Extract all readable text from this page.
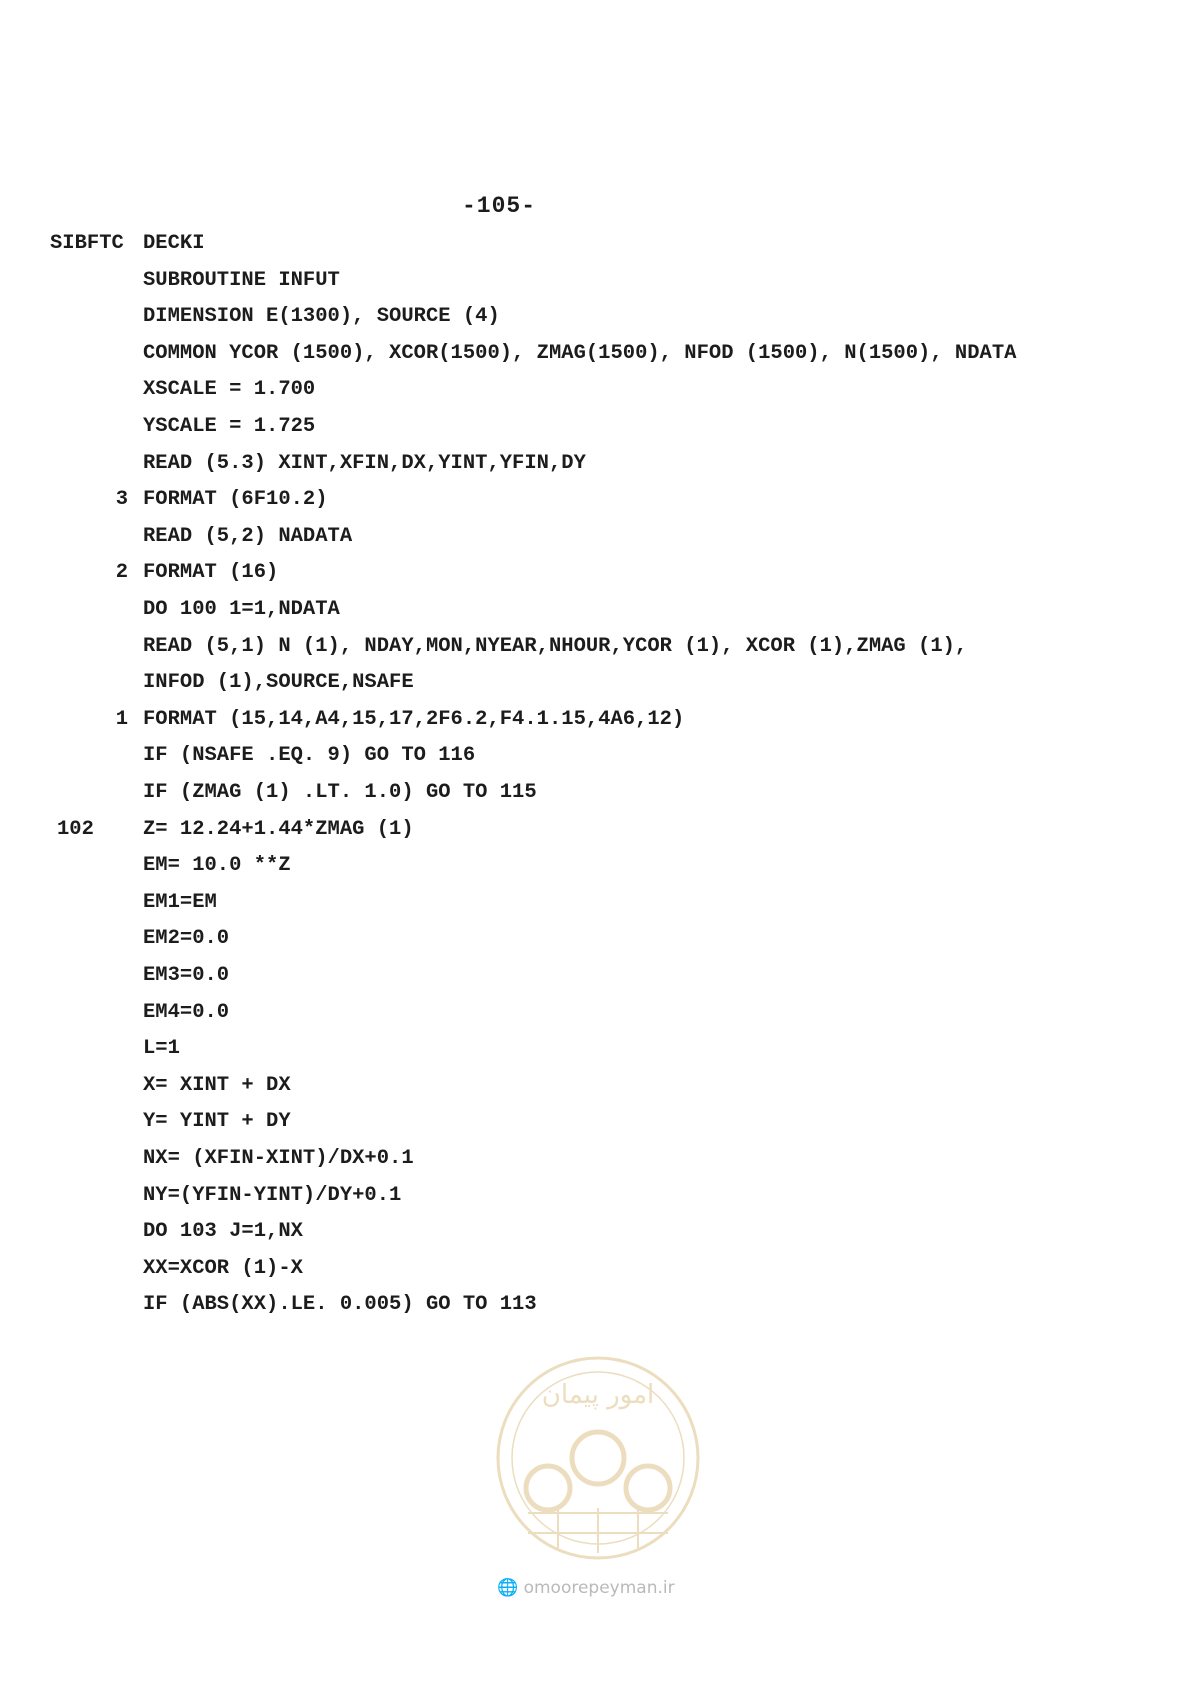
-105-
SIBFTC DECKI
SUBROUTINE INFUT
DIMENSION E(1300), SOURCE (4)
COMMON YCOR (1500), XCOR(1500), ZMAG(1500), NFOD (1500), N(1500), NDATA
XSCALE = 1.700
YSCALE = 1.725
READ (5.3) XINT,XFIN,DX,YINT,YFIN,DY
3 FORMAT (6F10.2)
READ (5,2) NADATA
2 FORMAT (16)
DO 100 1=1,NDATA
READ (5,1) N (1), NDAY,MON,NYEAR,NHOUR,YCOR (1), XCOR (1),ZMAG (1),
INFOD (1),SOURCE,NSAFE
1 FORMAT (15,14,A4,15,17,2F6.2,F4.1.15,4A6,12)
IF (NSAFE .EQ. 9) GO TO 116
IF (ZMAG (1) .LT. 1.0) GO TO 115
102 Z= 12.24+1.44*ZMAG (1)
EM= 10.0 **Z
EM1=EM
EM2=0.0
EM3=0.0
EM4=0.0
L=1
X= XINT + DX
Y= YINT + DY
NX= (XFIN-XINT)/DX+0.1
NY=(YFIN-YINT)/DY+0.1
DO 103 J=1,NX
XX=XCOR (1)-X
IF (ABS(XX).LE. 0.005) GO TO 113
امور پیمان
🌐 omoorepeyman.ir
